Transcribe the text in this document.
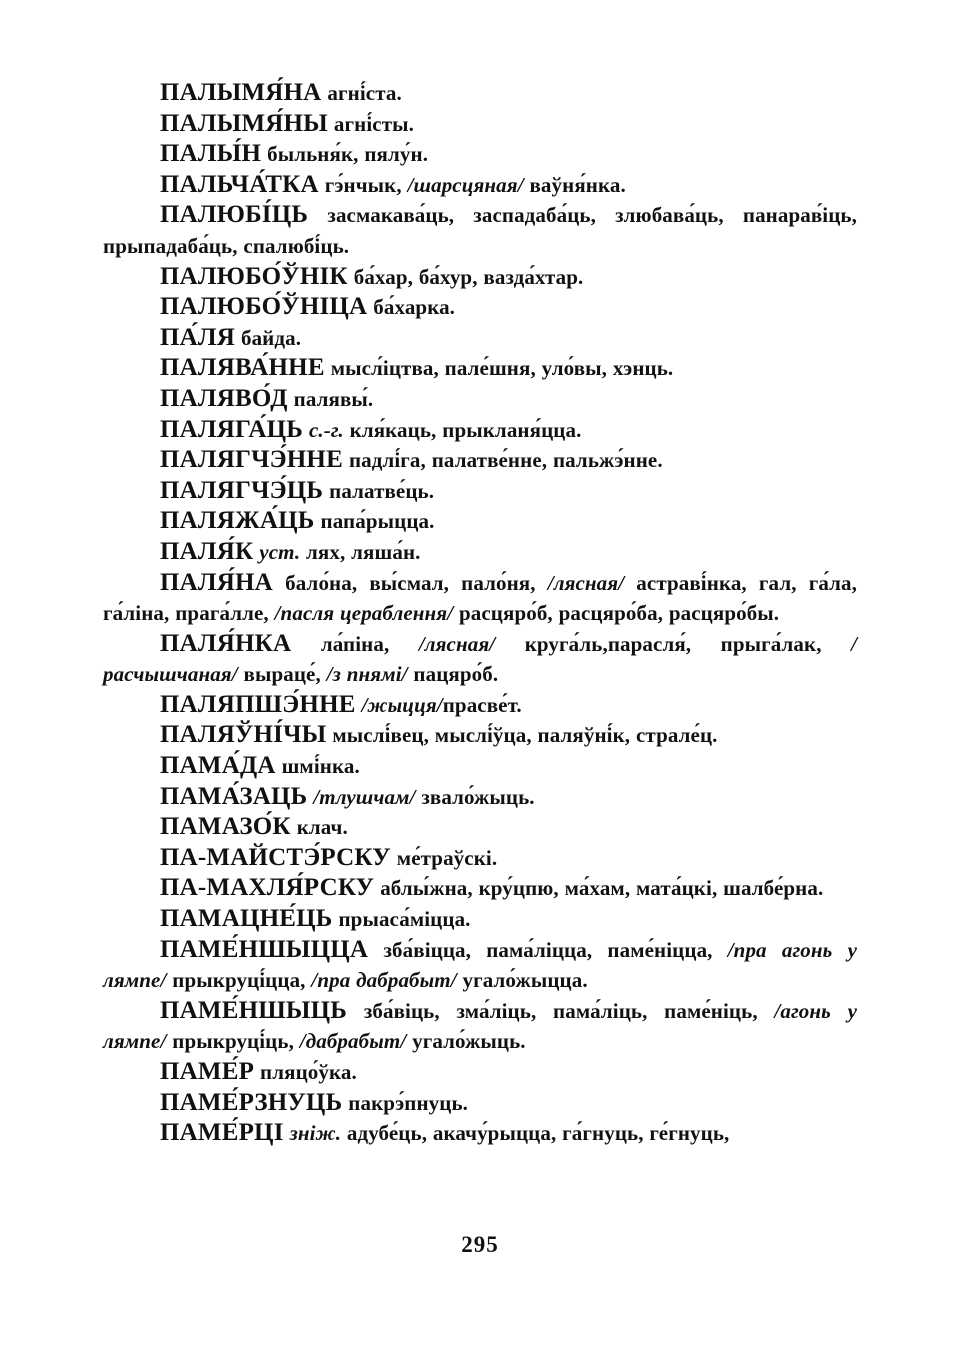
ПАЛЫМЯ́НА агні́ста.

ПАЛЫМЯ́НЫ агні́сты.

ПАЛЫ́Н быльня́к, пялу́н.

ПАЛЬЧА́ТКА гэ́нчык, /шарсцяная/ ваўня́нка.

ПАЛЮБІ́ЦЬ засмакава́ць, заспадаба́ць, злюбава́ць, панарав́іць, прыпадаба́ць, спалюбі́ць.

ПАЛЮБО́ЎНІК ба́хар, ба́хур, вазда́хтар.

ПАЛЮБО́ЎНІЦА ба́харка.

ПА́ЛЯ байда.

ПАЛЯВА́ННЕ мысл́іцтва, пале́шня, уло́вы, хэнць.

ПАЛЯВО́Д палявы́.

ПАЛЯГА́ЦЬ с.-г. кля́каць, прыкланя́цца.

ПАЛЯГЧЭ́ННЕ падлі́га, палатве́нне, пальжэ́нне.

ПАЛЯГЧЭ́ЦЬ палатве́ць.

ПАЛЯЖА́ЦЬ папа́рыцца.

ПАЛЯ́К уст. лях, ляша́н.

ПАЛЯ́НА бало́на, вы́смал, пало́ня, /лясная/ астраві́нка, гал, га́ла, га́ліна, прага́лле, /пасля цераблення/ расцяро́б, расцяро́ба, расцяро́бы.

ПАЛЯ́НКА ла́піна, /лясная/ круга́ль,парасля́, прыга́лак, /расчышчаная/ выраце́, /з пнямі/ пацяро́б.

ПАЛЯПШЭ́ННЕ /жыцця/прасве́т.

ПАЛЯЎНІ́ЧЫ мыслі́вец, мыслі́ўца, паляўні́к, страле́ц.

ПАМА́ДА шмі́нка.

ПАМА́ЗАЦЬ /тлушчам/ звало́жыць.

ПАМАЗО́К клач.

ПА-МАЙСТЭ́РСКУ ме́траўскі.

ПА-МАХЛЯ́РСКУ аблы́жна, кру́цпю, ма́хам, мата́цкі, шалбе́рна.

ПАМАЦНЕ́ЦЬ прыаса́міцца.

ПАМЕ́НШЫЦЦА зба́віцца, пама́ліцца, паме́ніцца, /пра агонь у лямпе/ прыкруці́цца, /пра дабрабыт/ угало́жыцца.

ПАМЕ́НШЫЦЬ зба́віць, зма́ліць, пама́ліць, паме́ніць, /агонь у лямпе/ прыкруці́ць, /дабрабыт/ угало́жыць.

ПАМЕ́Р пляцо́ўка.

ПАМЕ́РЗНУЦЬ пакрэ́пнуць.

ПАМЕ́РЦІ зніж. адубе́ць, акачу́рыцца, га́гнуць, ге́гнуць,

295
